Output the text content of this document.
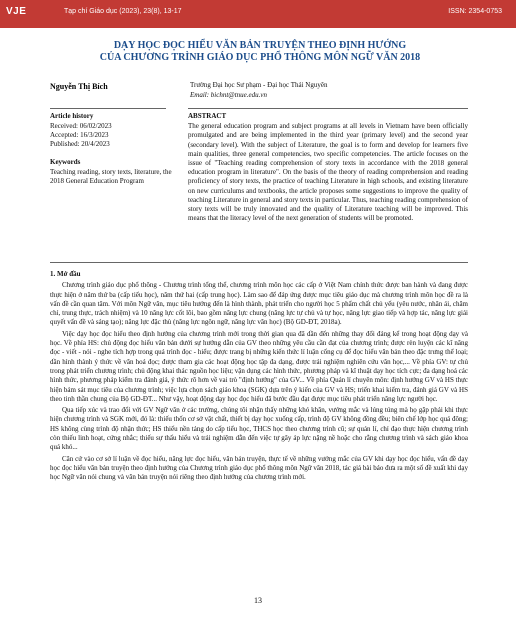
VJE	Tạp chí Giáo dục (2023), 23(8), 13-17	ISSN: 2354-0753
DẠY HỌC ĐỌC HIỂU VĂN BẢN TRUYỆN THEO ĐỊNH HƯỚNG
CỦA CHƯƠNG TRÌNH GIÁO DỤC PHỔ THÔNG MÔN NGỮ VĂN 2018
Nguyễn Thị Bích	Trường Đại học Sư phạm - Đại học Thái Nguyên
Email: bichnt@tnue.edu.vn
Article history
Received: 06/02/2023
Accepted: 16/3/2023
Published: 20/4/2023
Keywords
Teaching reading, story texts, literature, the 2018 General Education Program
ABSTRACT
The general education program and subject programs at all levels in Vietnam have been officially promulgated and are being implemented in the third year (primary level) and the second year (secondary level). With the subject of Literature, the goal is to form and develop for learners five main qualities, three general competencies, two specific competencies. The article focuses on the issue of "Teaching reading comprehension of story texts in accordance with the 2018 general education program in literature". On the basis of the theory of reading comprehension and reading proficiency of story texts, the practice of teaching Literature in high schools, and existing literature on new curriculums and textbooks, the article proposes some suggestions to improve the quality of teaching Literature in general and story texts in particular. Thus, teaching reading comprehension of story texts will be truly innovated and the quality of Literature teaching will be improved. This means that the literacy level of the next generation of students will be promoted.
1. Mở đầu

Chương trình giáo dục phổ thông - Chương trình tổng thể, chương trình môn học các cấp ở Việt Nam chính thức được ban hành và đang được thực hiện ở năm thứ ba (cấp tiểu học), năm thứ hai (cấp trung học). Làm sao để đáp ứng được mục tiêu giáo dục mà chương trình môn học đề ra là vấn đề cần quan tâm. Với môn Ngữ văn, mục tiêu hướng đến là hình thành, phát triển cho người học 5 phẩm chất chủ yếu (yêu nước, nhân ái, chăm chỉ, trung thực, trách nhiệm) và 10 năng lực cốt lõi, bao gồm năng lực chung (năng lực tự chủ và tự học, năng lực giao tiếp và hợp tác, năng lực giải quyết vấn đề và sáng tạo); năng lực đặc thù (năng lực ngôn ngữ, năng lực văn học) (Bộ GD-ĐT, 2018a).

Việc dạy học đọc hiểu theo định hướng của chương trình mới trong thời gian qua đã dần đến những thay đổi đáng kể trong hoạt động dạy và học. Về phía HS: chủ động đọc hiểu văn bản dưới sự hướng dẫn của GV theo những yêu cầu cần đạt của chương trình; được rèn luyện các kĩ năng đọc - viết - nói - nghe tích hợp trong quá trình đọc - hiểu; được trang bị những kiến thức lí luận cống cụ để đọc hiểu văn bản theo đặc trưng thể loại; dần hình thành ý thức về văn hoá đọc; được tham gia các hoạt động học tập đa dạng, được trải nghiệm nghiên cứu văn học,... Về phía GV: tự chủ trong phát triển chương trình; chủ động khai thác nguồn học liệu; vận dụng các hình thức, phương pháp và kĩ thuật dạy học tích cực; đa dạng hoá các hình thức, phương pháp kiểm tra đánh giá, ý thức rõ hơn về vai trò "định hướng" của GV... Về phía Quản lí chuyên môn: định hướng GV và HS thực hiện bám sát mục tiêu của chương trình; việc lựa chọn sách giáo khoa (SGK) dựa trên ý kiến của GV và HS; triển khai kiểm tra, đánh giá GV và HS theo tinh thần chung của Bộ GD-ĐT... Như vậy, hoạt động dạy học đọc hiểu đã bước đầu đạt được mục tiêu phát triển năng lực người học.

Qua tiếp xúc và trao đổi với GV Ngữ văn ở các trường, chúng tôi nhận thấy những khó khăn, vướng mắc và lúng túng mà họ gặp phải khi thực hiện chương trình và SGK mới, đó là: thiếu thốn cơ sở vật chất, thiết bị dạy học xuống cấp, trình độ GV không đồng đều; biên chế lớp học quá đông; HS không cùng trình độ nhận thức; HS thiếu nền tảng do cấp tiểu học, THCS học theo chương trình cũ; sự quản lí, chỉ đạo thực hiện chương trình còn thiếu linh hoạt, cứng nhắc; thiếu sự thấu hiểu và trải nghiệm dẫn đến việc tự gây áp lực nặng nề hoặc cho rằng chương trình và sách giáo khoa quá khó...

Căn cứ vào cơ sở lí luận về đọc hiểu, năng lực đọc hiểu, văn bản truyện, thực tế về những vướng mắc của GV khi dạy học đọc hiểu, vấn đề dạy học đọc hiểu văn bản truyện theo định hướng của Chương trình giáo dục phổ thông môn Ngữ văn 2018, tác giả bài báo đưa ra một số đề xuất khi dạy học Ngữ văn nói chung và văn bản truyện nói riêng theo định hướng của chương trình mới.

13
